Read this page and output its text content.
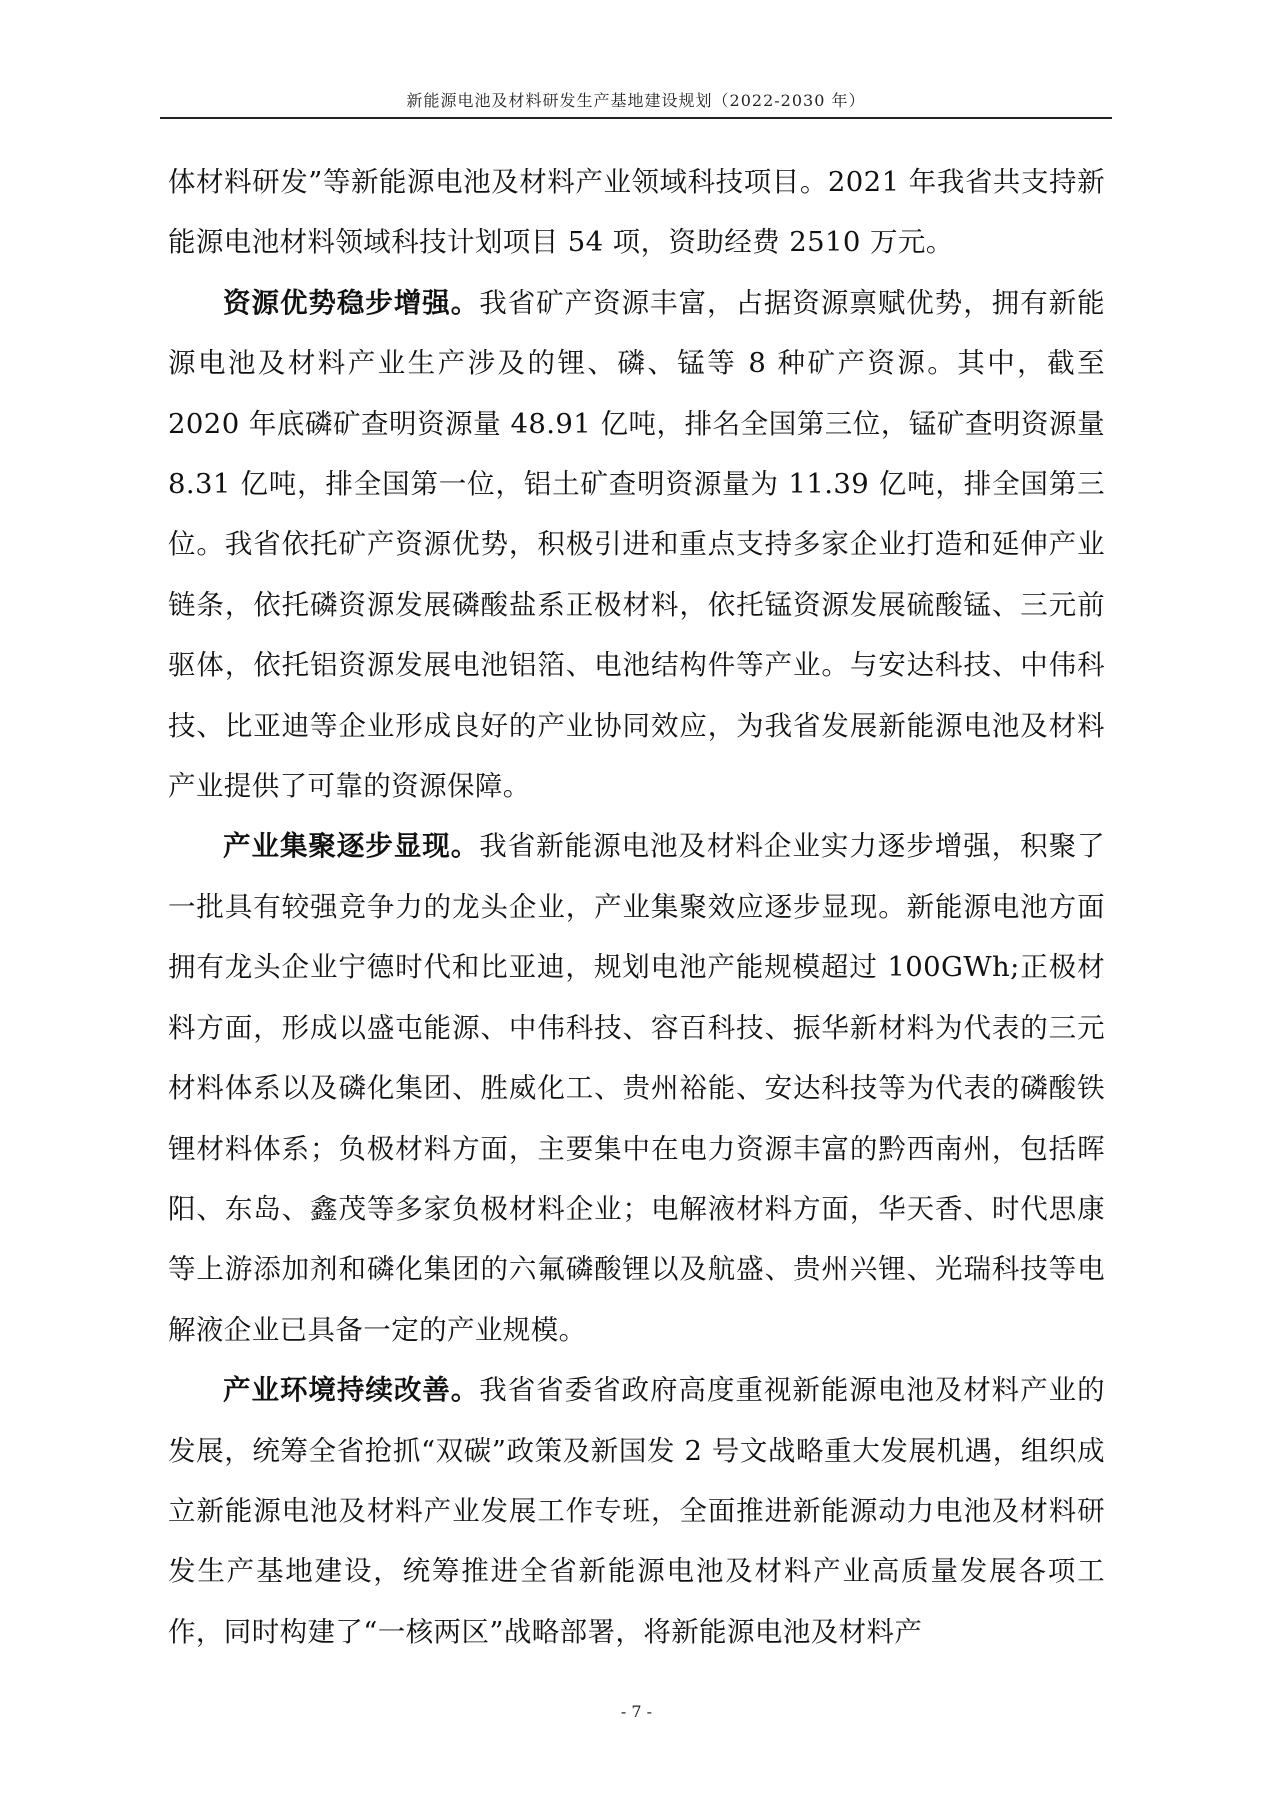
新能源电池及材料研发生产基地建设规划（2022-2030 年）

体材料研发”等新能源电池及材料产业领域科技项目。2021 年我省共支持新能源电池材料领域科技计划项目 54 项，资助经费 2510 万元。

资源优势稳步增强。我省矿产资源丰富，占据资源禀赋优势，拥有新能源电池及材料产业生产涉及的锂、磷、锰等 8 种矿产资源。其中，截至2020 年底磷矿查明资源量 48.91 亿吨，排名全国第三位，锰矿查明资源量 8.31 亿吨，排全国第一位，铝土矿查明资源量为 11.39 亿吨，排全国第三位。我省依托矿产资源优势，积极引进和重点支持多家企业打造和延伸产业链条，依托磷资源发展磷酸盐系正极材料，依托锰资源发展硫酸锰、三元前驱体，依托铝资源发展电池铝箔、电池结构件等产业。与安达科技、中伟科技、比亚迪等企业形成良好的产业协同效应，为我省发展新能源电池及材料产业提供了可靠的资源保障。

产业集聚逐步显现。我省新能源电池及材料企业实力逐步增强，积聚了一批具有较强竞争力的龙头企业，产业集聚效应逐步显现。新能源电池方面拥有龙头企业宁德时代和比亚迪，规划电池产能规模超过 100GWh;正极材料方面，形成以盛屯能源、中伟科技、容百科技、振华新材料为代表的三元材料体系以及磷化集团、胜威化工、贵州裕能、安达科技等为代表的磷酸铁锂材料体系；负极材料方面，主要集中在电力资源丰富的黔西南州，包括晖阳、东岛、鑫茂等多家负极材料企业；电解液材料方面，华天香、时代思康等上游添加剂和磷化集团的六氟磷酸锂以及航盛、贵州兴锂、光瑞科技等电解液企业已具备一定的产业规模。

产业环境持续改善。我省省委省政府高度重视新能源电池及材料产业的发展，统筹全省抢抓“双碳”政策及新国发 2 号文战略重大发展机遇，组织成立新能源电池及材料产业发展工作专班，全面推进新能源动力电池及材料研发生产基地建设，统筹推进全省新能源电池及材料产业高质量发展各项工作，同时构建了“一核两区”战略部署，将新能源电池及材料产

- 7 -
